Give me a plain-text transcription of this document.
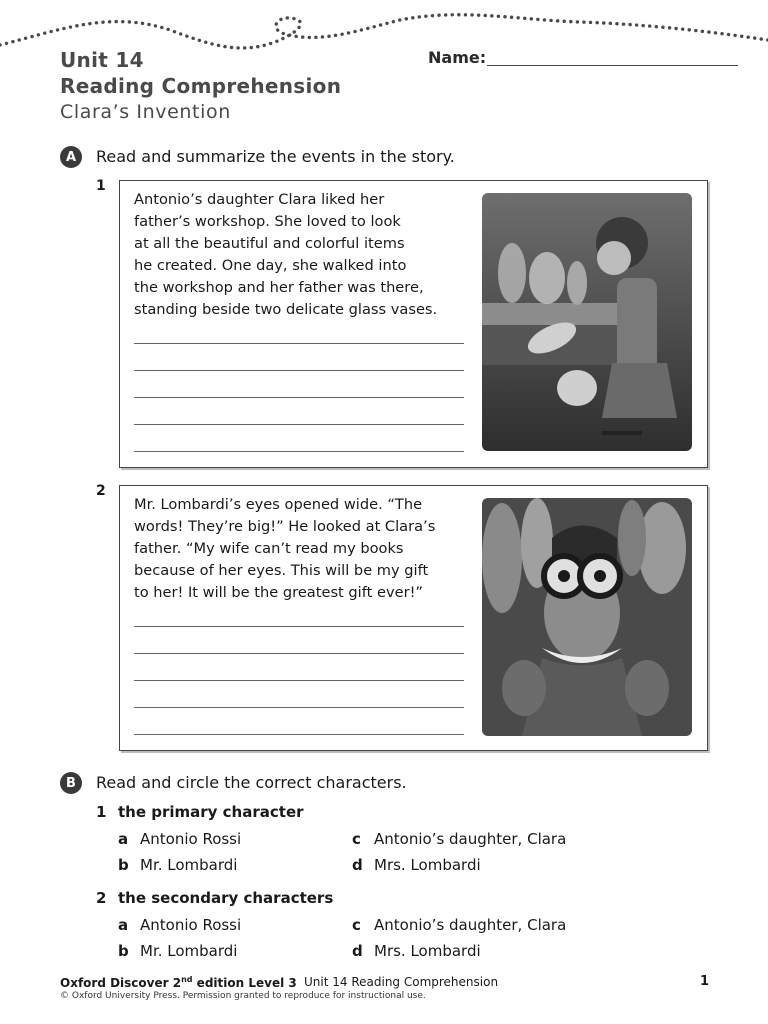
Unit 14
Reading Comprehension
Clara’s Invention
Name:
A	Read and summarize the events in the story.
1
Antonio’s daughter Clara liked her
father’s workshop. She loved to look
at all the beautiful and colorful items
he created. One day, she walked into
the workshop and her father was there,
standing beside two delicate glass vases.
2
Mr. Lombardi’s eyes opened wide. “The
words! They’re big!” He looked at Clara’s
father. “My wife can’t read my books
because of her eyes. This will be my gift
to her! It will be the greatest gift ever!”
B	Read and circle the correct characters.
1 the primary character
a Antonio Rossi
b Mr. Lombardi
c Antonio’s daughter, Clara
d Mrs. Lombardi
2 the secondary characters
a Antonio Rossi
b Mr. Lombardi
c Antonio’s daughter, Clara
d Mrs. Lombardi
Oxford Discover 2nd edition Level 3 Unit 14 Reading Comprehension	1
© Oxford University Press. Permission granted to reproduce for instructional use.
